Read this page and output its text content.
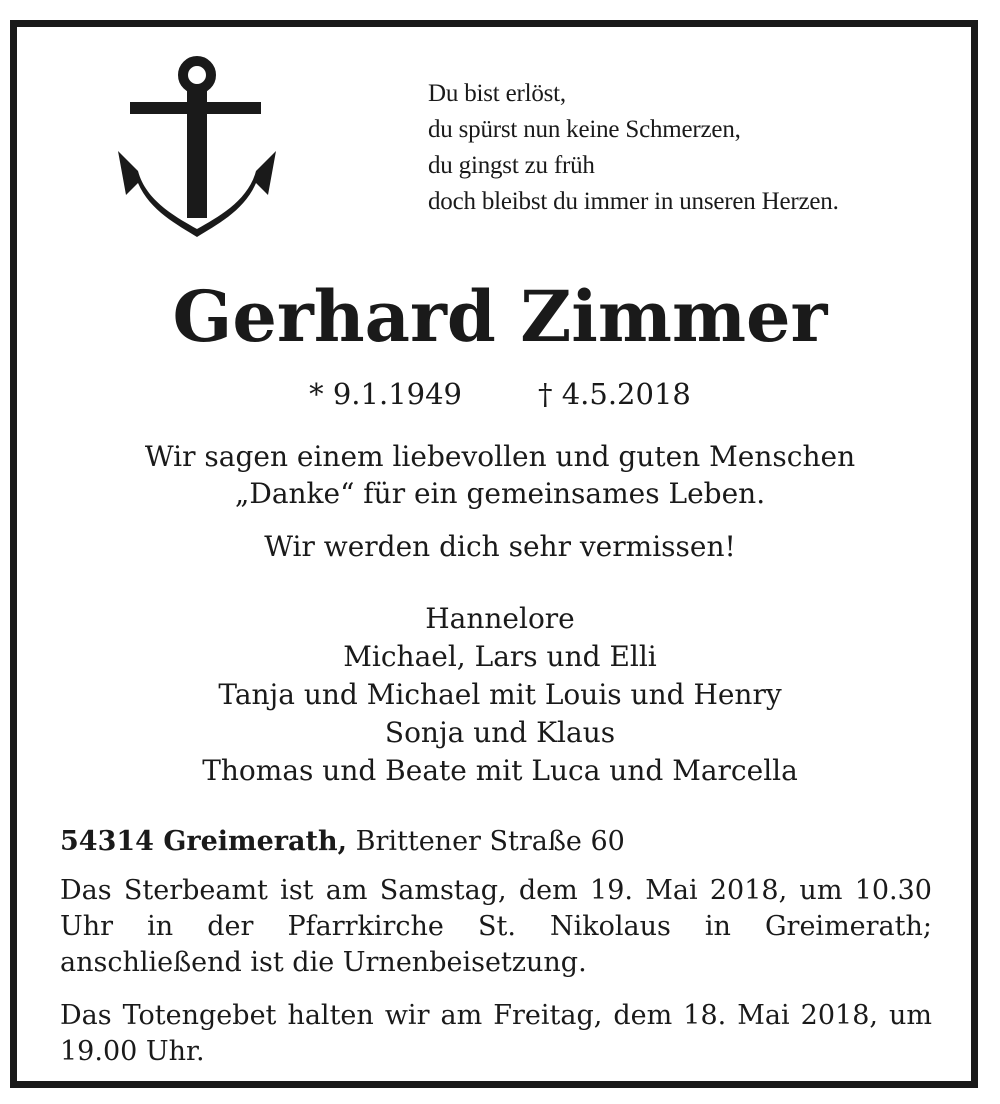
Du bist erlöst,
du spürst nun keine Schmerzen,
du gingst zu früh
doch bleibst du immer in unseren Herzen.
Gerhard Zimmer
* 9.1.1949	† 4.5.2018
Wir sagen einem liebevollen und guten Menschen
„Danke“ für ein gemeinsames Leben.
Wir werden dich sehr vermissen!
Hannelore
Michael, Lars und Elli
Tanja und Michael mit Louis und Henry
Sonja und Klaus
Thomas und Beate mit Luca und Marcella
54314 Greimerath, Brittener Straße 60
Das Sterbeamt ist am Samstag, dem 19. Mai 2018, um 10.30 Uhr in der Pfarrkirche St. Nikolaus in Greimerath; anschließend ist die Urnenbeisetzung.
Das Totengebet halten wir am Freitag, dem 18. Mai 2018, um 19.00 Uhr.
